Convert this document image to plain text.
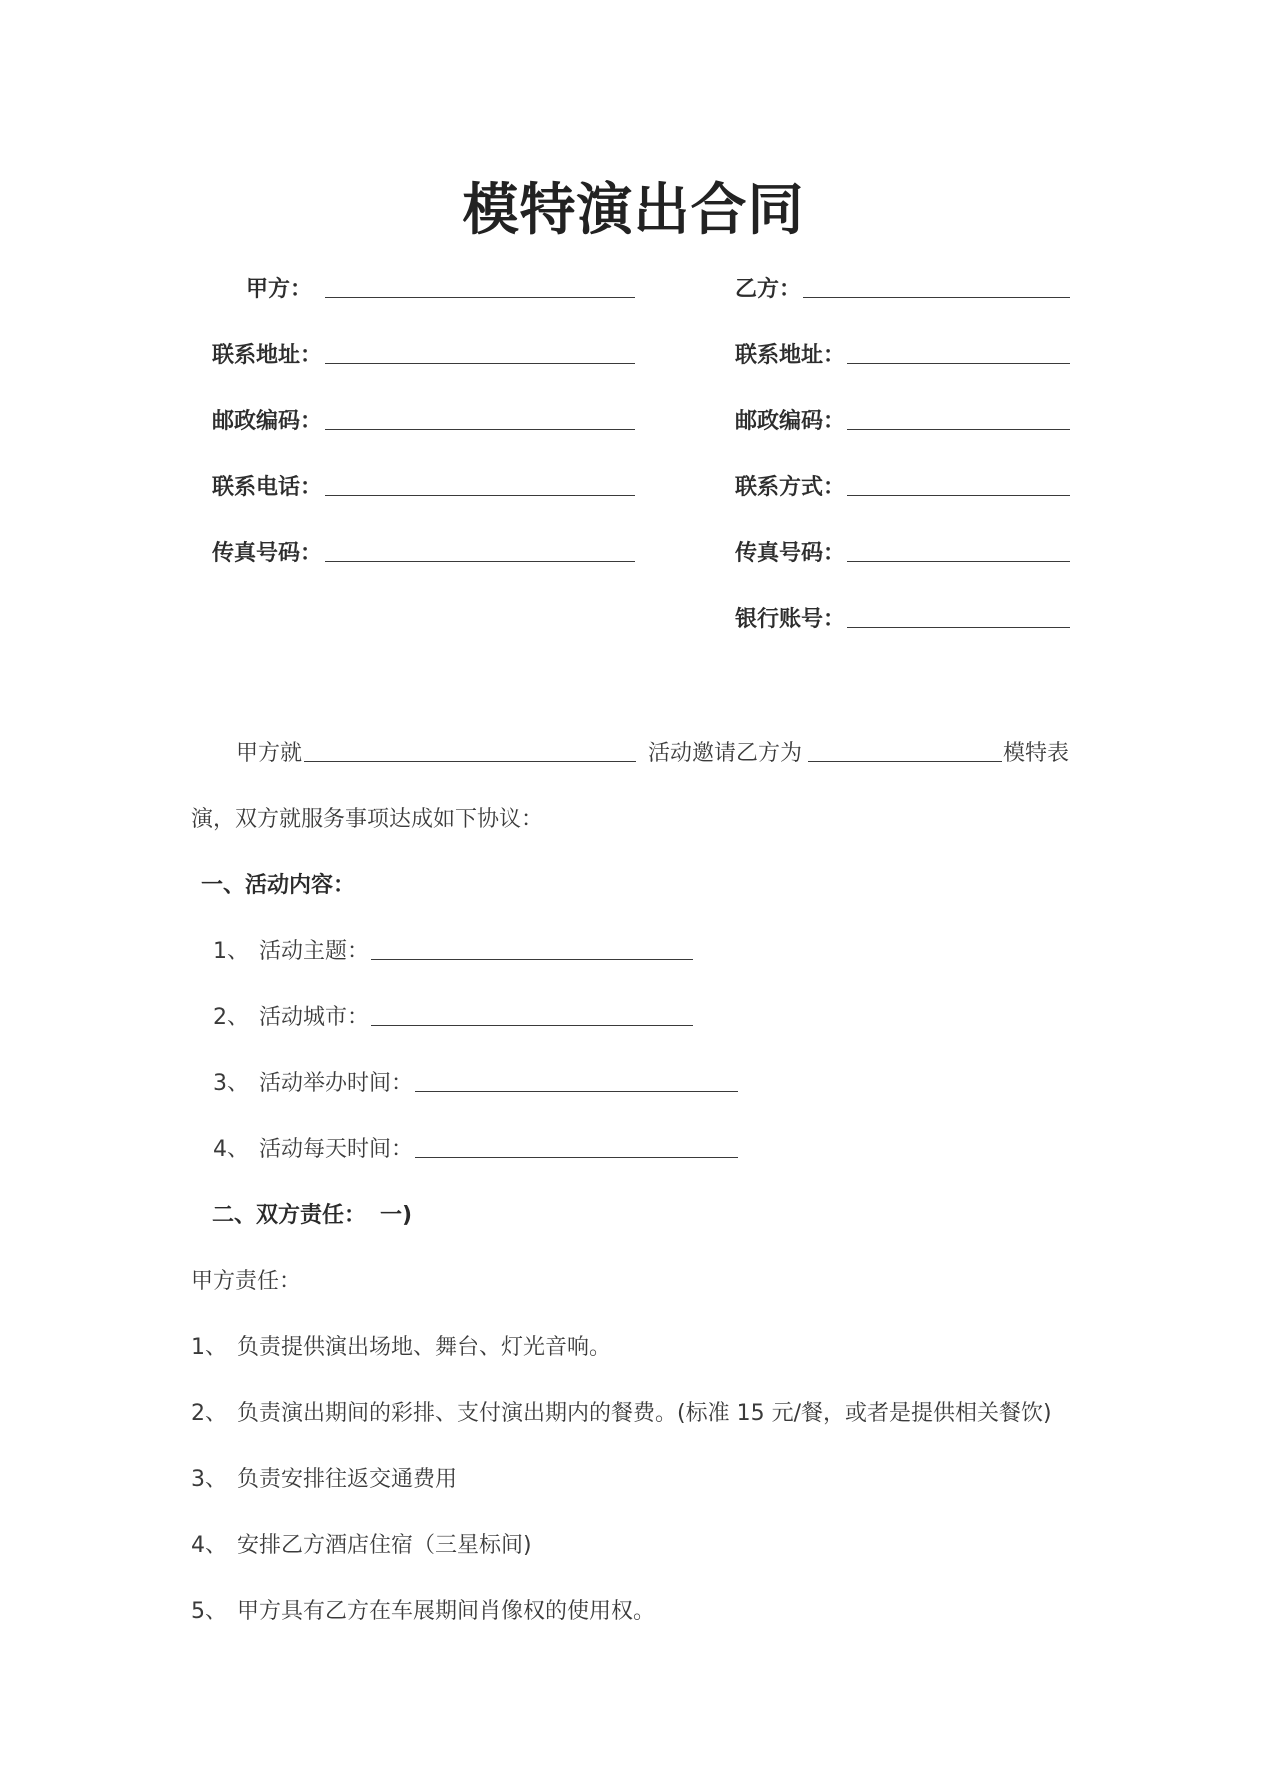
模特演出合同
甲方：
联系地址：
邮政编码：
联系电话：
传真号码：
乙方：
联系地址：
邮政编码：
联系方式：
传真号码：
银行账号：
甲方就	活动邀请乙方为	模特表
演，双方就服务事项达成如下协议：
一、活动内容：
1、 活动主题：
2、 活动城市：
3、 活动举办时间：
4、 活动每天时间：
二、双方责任： 一)
甲方责任：
1、 负责提供演出场地、舞台、灯光音响。
2、 负责演出期间的彩排、支付演出期内的餐费。(标准 15 元/餐，或者是提供相关餐饮)
3、 负责安排往返交通费用
4、 安排乙方酒店住宿（三星标间)
5、 甲方具有乙方在车展期间肖像权的使用权。
